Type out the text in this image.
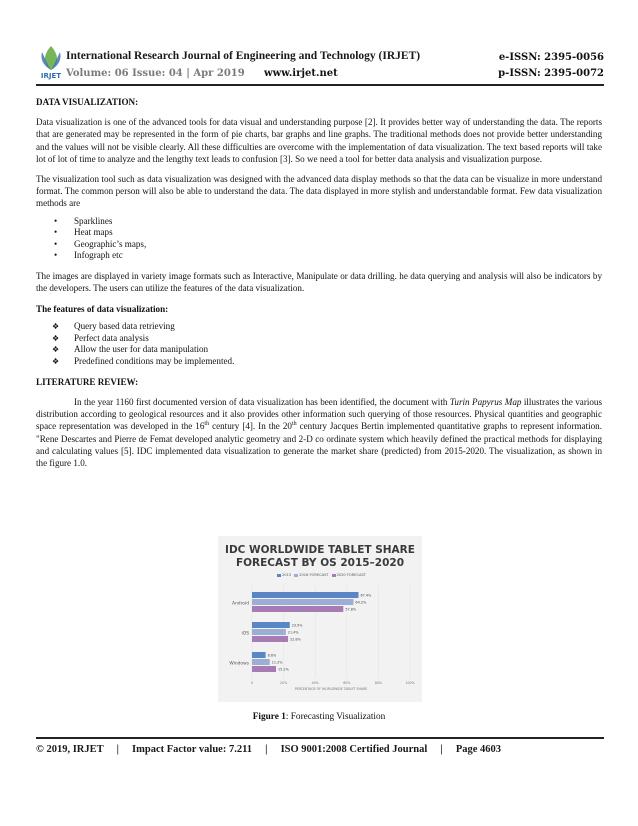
IRJET
International Research Journal of Engineering and Technology (IRJET)	e-ISSN: 2395-0056
Volume: 06 Issue: 04 | Apr 2019 www.irjet.net	p-ISSN: 2395-0072
DATA VISUALIZATION:

Data visualization is one of the advanced tools for data visual and understanding purpose [2]. It provides better way of understanding the data. The reports that are generated may be represented in the form of pie charts, bar graphs and line graphs. The traditional methods does not provide better understanding and the values will not be visible clearly. All these difficulties are overcome with the implementation of data visualization. The text based reports will take lot of lot of time to analyze and the lengthy text leads to confusion [3]. So we need a tool for better data analysis and visualization purpose.

The visualization tool such as data visualization was designed with the advanced data display methods so that the data can be visualize in more understand format. The common person will also be able to understand the data. The data displayed in more stylish and understandable format. Few data visualization methods are

• Sparklines
• Heat maps
• Geographic’s maps,
• Infograph etc

The images are displayed in variety image formats such as Interactive, Manipulate or data drilling. he data querying and analysis will also be indicators by the developers. The users can utilize the features of the data visualization.

The features of data visualization:
❖ Query based data retrieving
❖ Perfect data analysis
❖ Allow the user for data manipulation
❖ Predefined conditions may be implemented.
LITERATURE REVIEW:

In the year 1160 first documented version of data visualization has been identified, the document with Turin Papyrus Map illustrates the various distribution according to geological resources and it also provides other information such querying of those resources. Physical quantities and geographic space representation was developed in the 16th century [4]. In the 20th century Jacques Bertin implemented quantitative graphs to represent information. "Rene Descartes and Pierre de Femat developed analytic geometry and 2-D co ordinate system which heavily defined the practical methods for displaying and calculating values [5]. IDC implemented data visualization to generate the market share (predicted) from 2015-2020. The visualization, as shown in the figure 1.0.

IDC WORLDWIDE TABLET SHARE
FORECAST BY OS 2015–2020
2015 2016 FORECAST 2020 FORECAST
0	20%	40%	60%	80%	100%
PERCENTAGE OF WORLDWIDE TABLET SHARE
Android
67.4%
64.2%
57.8%
iOS
23.9%
21.4%
22.8%
Windows
8.6%
11.2%
15.2%
Figure 1: Forecasting Visualization
© 2019, IRJET     |     Impact Factor value: 7.211     |     ISO 9001:2008 Certified Journal     |     Page 4603
